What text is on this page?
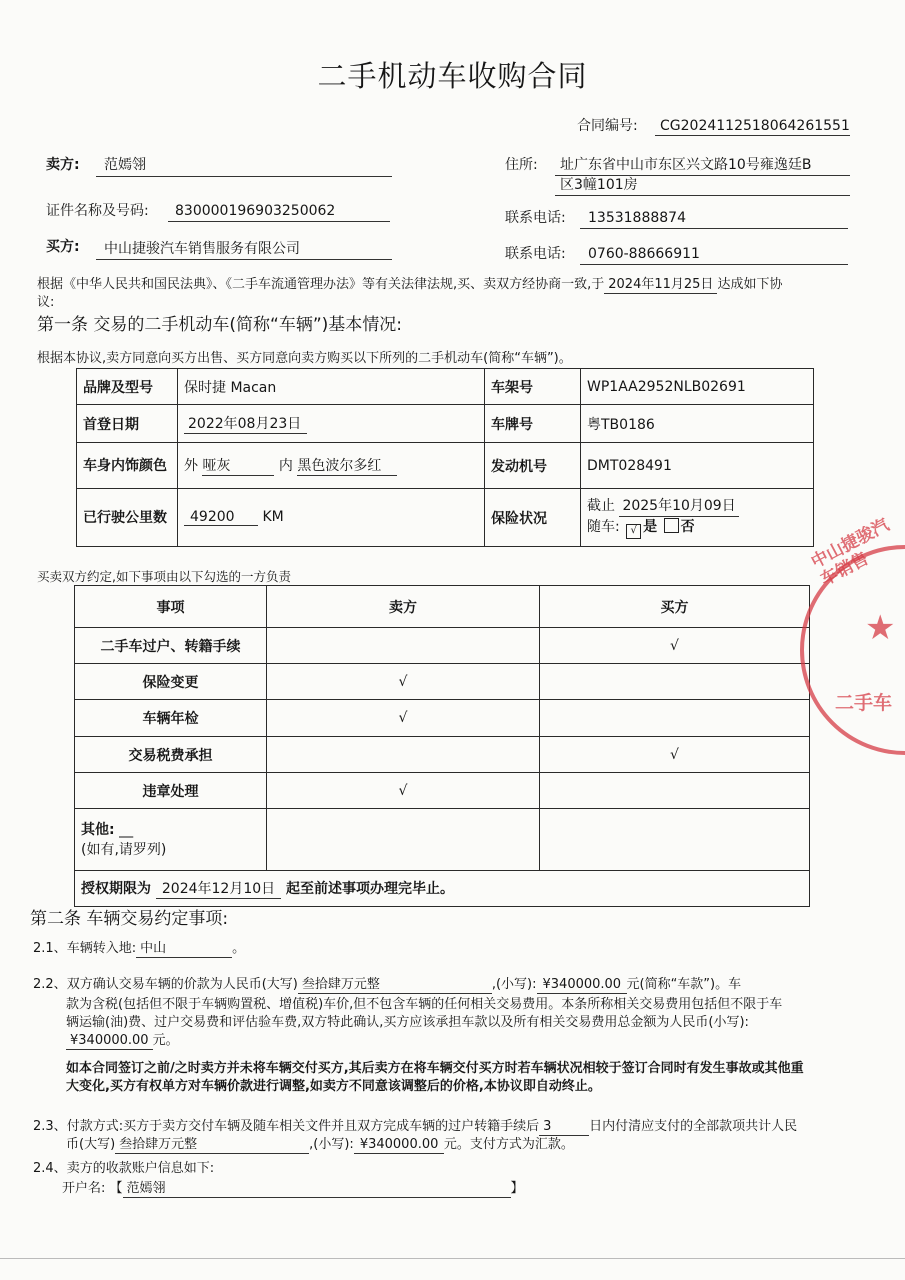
二手机动车收购合同
合同编号: CG2024112518064261551
卖方: 范嫣翎	住所: 址广东省中山市东区兴文路10号雍逸廷B
区3幢101房
证件名称及号码: 830000196903250062	联系电话: 13531888874
买方: 中山捷骏汽车销售服务有限公司	联系电话: 0760-88666911
根据《中华人民共和国民法典》、《二手车流通管理办法》等有关法律法规,买、卖双方经协商一致,于 2024年11月25日 达成如下协
议:
第一条 交易的二手机动车(简称“车辆”)基本情况:
根据本协议,卖方同意向买方出售、买方同意向卖方购买以下所列的二手机动车(简称“车辆”)。
品牌及型号	保时捷 Macan	车架号	WP1AA2952NLB02691
首登日期	2022年08月23日	车牌号	粤TB0186
车身内饰颜色	外 哑灰 内 黑色波尔多红	发动机号	DMT028491
已行驶公里数	49200 KM	保险状况	截止 2025年10月09日
随车: √ 是 否
买卖双方约定,如下事项由以下勾选的一方负责
事项	卖方	买方
二手车过户、转籍手续		√
保险变更	√	
车辆年检	√	
交易税费承担		√
违章处理	√	

其他: __
(如有,请罗列)		

授权期限为 2024年12月10日 起至前述事项办理完毕止。		
第二条 车辆交易约定事项:
2.1、车辆转入地: 中山	。
2.2、双方确认交易车辆的价款为人民币(大写) 叁拾肆万元整	,(小写): ¥340000.00 元(简称“车款”)。车
款为含税(包括但不限于车辆购置税、增值税)车价,但不包含车辆的任何相关交易费用。本条所称相关交易费用包括但不限于车
辆运输(油)费、过户交易费和评估验车费,双方特此确认,买方应该承担车款以及所有相关交易费用总金额为人民币(小写):
¥340000.00 元。
如本合同签订之前/之时卖方并未将车辆交付买方,其后卖方在将车辆交付买方时若车辆状况相较于签订合同时有发生事故或其他重
大变化,买方有权单方对车辆价款进行调整,如卖方不同意该调整后的价格,本协议即自动终止。
2.3、付款方式:买方于卖方交付车辆及随车相关文件并且双方完成车辆的过户转籍手续后 3	日内付清应支付的全部款项共计人民
币(大写) 叁拾肆万元整	,(小写): ¥340000.00 元。支付方式为汇款。
2.4、卖方的收款账户信息如下:
开户名: 【 范嫣翎	】
中山捷骏汽车销售
★
二手车
